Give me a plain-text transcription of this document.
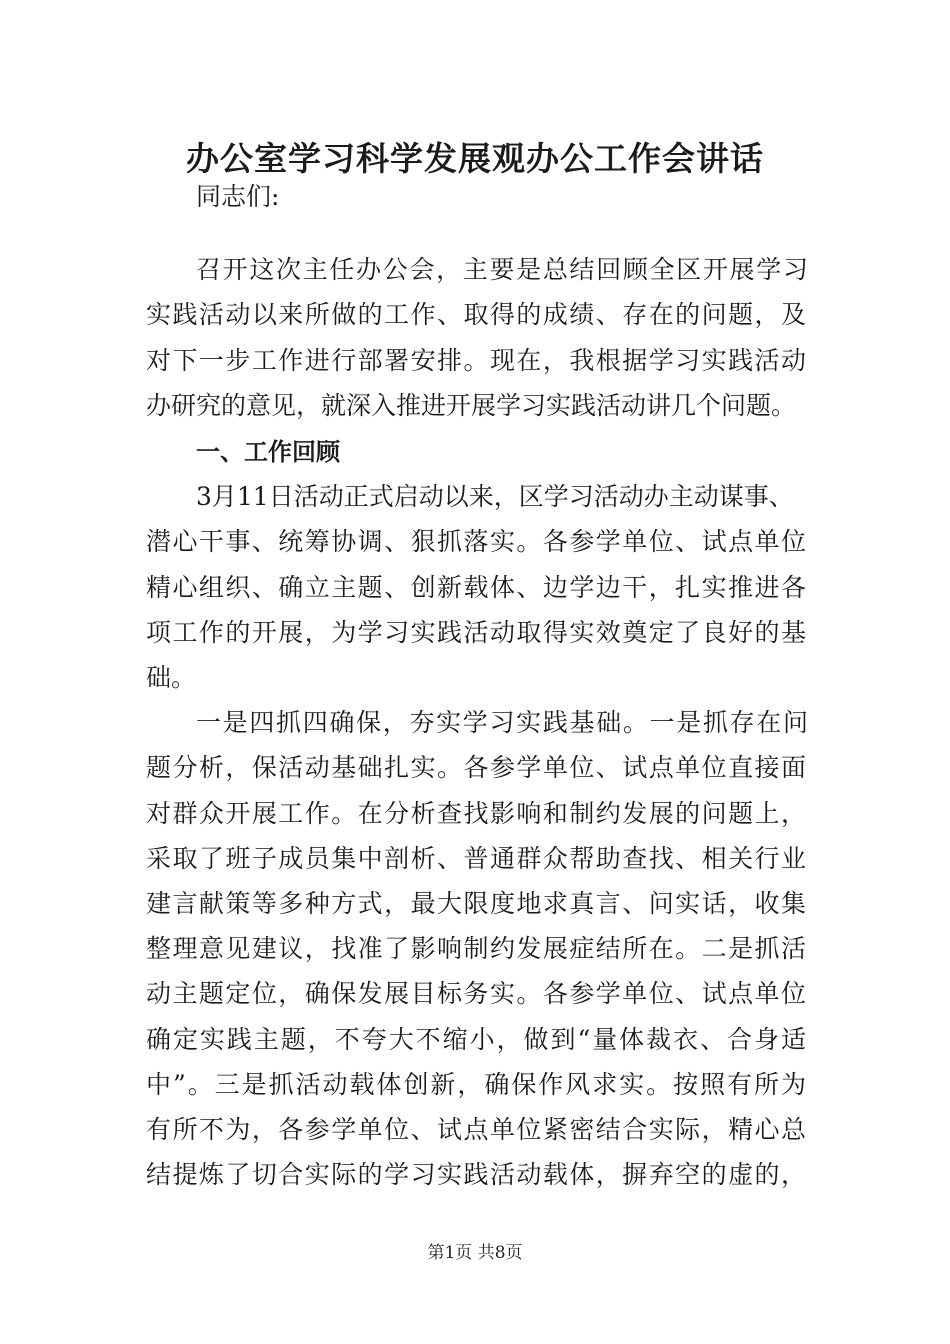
办公室学习科学发展观办公工作会讲话

同志们:

召开这次主任办公会，主要是总结回顾全区开展学习

实践活动以来所做的工作、取得的成绩、存在的问题，及

对下一步工作进行部署安排。现在，我根据学习实践活动

办研究的意见，就深入推进开展学习实践活动讲几个问题。

一、工作回顾

3月11日活动正式启动以来，区学习活动办主动谋事、

潜心干事、统筹协调、狠抓落实。各参学单位、试点单位

精心组织、确立主题、创新载体、边学边干，扎实推进各

项工作的开展，为学习实践活动取得实效奠定了良好的基

础。

一是四抓四确保，夯实学习实践基础。一是抓存在问

题分析，保活动基础扎实。各参学单位、试点单位直接面

对群众开展工作。在分析查找影响和制约发展的问题上，

采取了班子成员集中剖析、普通群众帮助查找、相关行业

建言献策等多种方式，最大限度地求真言、问实话，收集

整理意见建议，找准了影响制约发展症结所在。二是抓活

动主题定位，确保发展目标务实。各参学单位、试点单位

确定实践主题，不夸大不缩小，做到“量体裁衣、合身适

中”。三是抓活动载体创新，确保作风求实。按照有所为

有所不为，各参学单位、试点单位紧密结合实际，精心总

结提炼了切合实际的学习实践活动载体，摒弃空的虚的，

第1页 共8页
